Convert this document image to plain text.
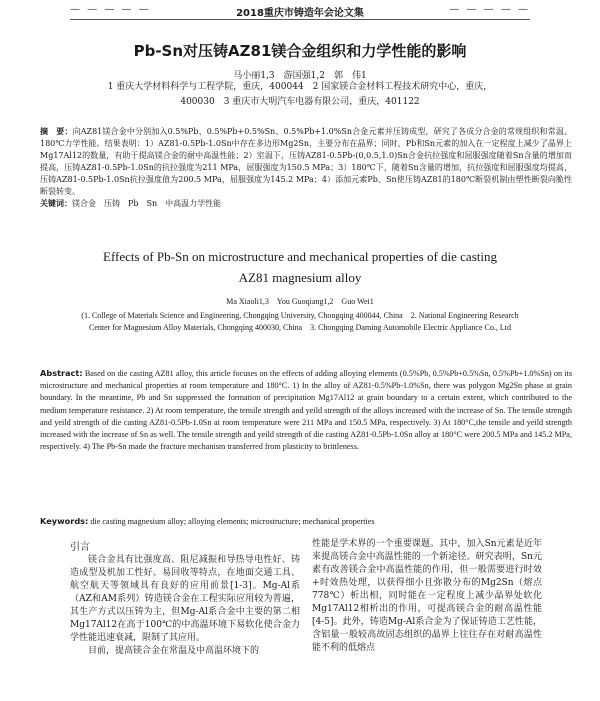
— — — — —	2018重庆市铸造年会论文集	— — — — —
Pb-Sn对压铸AZ81镁合金组织和力学性能的影响
马小丽1,3　游国强1,2　郭　伟1
1 重庆大学材料科学与工程学院，重庆，400044　2 国家镁合金材料工程技术研究中心，重庆，
400030　3 重庆市大明汽车电器有限公司，重庆，401122
摘　要：向AZ81镁合金中分别加入0.5%Pb、0.5%Pb+0.5%Sn、0.5%Pb+1.0%Sn合金元素并压铸成型，研究了各成分合金的常规组织和常温、180℃力学性能。结果表明：1）AZ81-0.5Pb-1.0Sn中存在多边形Mg2Sn，主要分布在晶界；同时，Pb和Sn元素的加入在一定程度上减少了晶界上Mg17Al12的数量，有助于提高镁合金的耐中高温性能；2）室温下，压铸AZ81-0.5Pb-(0,0.5,1.0)Sn合金抗拉强度和屈服强度随着Sn含量的增加而提高，压铸AZ81-0.5Pb-1.0Sn的抗拉强度为211 MPa，屈服强度为150.5 MPa；3）180℃下，随着Sn含量的增加，抗拉强度和屈服强度均提高，压铸AZ81-0.5Pb-1.0Sn抗拉强度值为200.5 MPa，屈服强度为145.2 MPa；4）添加元素Pb、Sn使压铸AZ81的180℃断裂机制由塑性断裂向脆性断裂转变。
关键词：镁合金　压铸　Pb　Sn　中高温力学性能
Effects of Pb-Sn on microstructure and mechanical properties of die casting
AZ81 magnesium alloy
Ma Xiaoli1,3　You Guoqiang1,2　Guo Wei1
(1. College of Materials Science and Engineering, Chongqing University, Chongqing 400044, China　2. National Engineering Research Center for Magnesium Alloy Materials, Chongqing 400030, China　3. Chongqing Daming Automobile Electric Appliance Co., Ltd
Abstract: Based on die casting AZ81 alloy, this article focuses on the effects of adding alloying elements (0.5%Pb, 0.5%Pb+0.5%Sn, 0.5%Pb+1.0%Sn) on its microstructure and mechanical properties at room temperature and 180°C. 1) In the alloy of AZ81-0.5%Pb-1.0%Sn, there was polygon Mg2Sn phase at grain boundary. In the meantime, Pb and Sn suppressed the formation of precipitation Mg17Al12 at grain boundary to a certain extent, which contributed to the medium temperature resistance. 2) At room temperature, the tensile strength and yeild strength of the alloys increased with the increase of Sn. The tensile strength and yeild strength of die casting AZ81-0.5Pb-1.0Sn at room temperature were 211 MPa and 150.5 MPa, respectively. 3) At 180°C,the tensile and yeild strength increased with the increase of Sn as well. The tensile strength and yeild strength of die casting AZ81-0.5Pb-1.0Sn alloy at 180°C were 200.5 MPa and 145.2 MPa, respectively. 4) The Pb-Sn made the fracture mechanism transferred from plasticity to brittleness.
Keywords: die casting magnesium alloy; alloying elements; microstructure; mechanical properties
引言

镁合金具有比强度高、阻尼减振和导热导电性好、铸造成型及机加工性好、易回收等特点，在地面交通工具、航空航天等领域具有良好的应用前景[1-3]。Mg-Al系（AZ和AM系列）铸造镁合金在工程实际应用较为普遍，其生产方式以压铸为主，但Mg-Al系合金中主要的第二相Mg17Al12在高于100℃的中高温环境下易软化使合金力学性能迅速衰减，限制了其应用。

目前，提高镁合金在常温及中高温环境下的

性能是学术界的一个重要课题。其中，加入Sn元素是近年来提高镁合金中高温性能的一个新途径。研究表明，Sn元素有改善镁合金中高温性能的作用，但一般需要进行时效+时效热处理，以获得细小且弥散分布的Mg2Sn（熔点778℃）析出相，同时能在一定程度上减少晶界处软化Mg17Al12相析出的作用，可提高镁合金的耐高温性能[4-5]。此外，铸造Mg-Al系合金为了保证铸造工艺性能，含铝量一般较高故固态组织的晶界上往往存在对耐高温性能不利的低熔点
